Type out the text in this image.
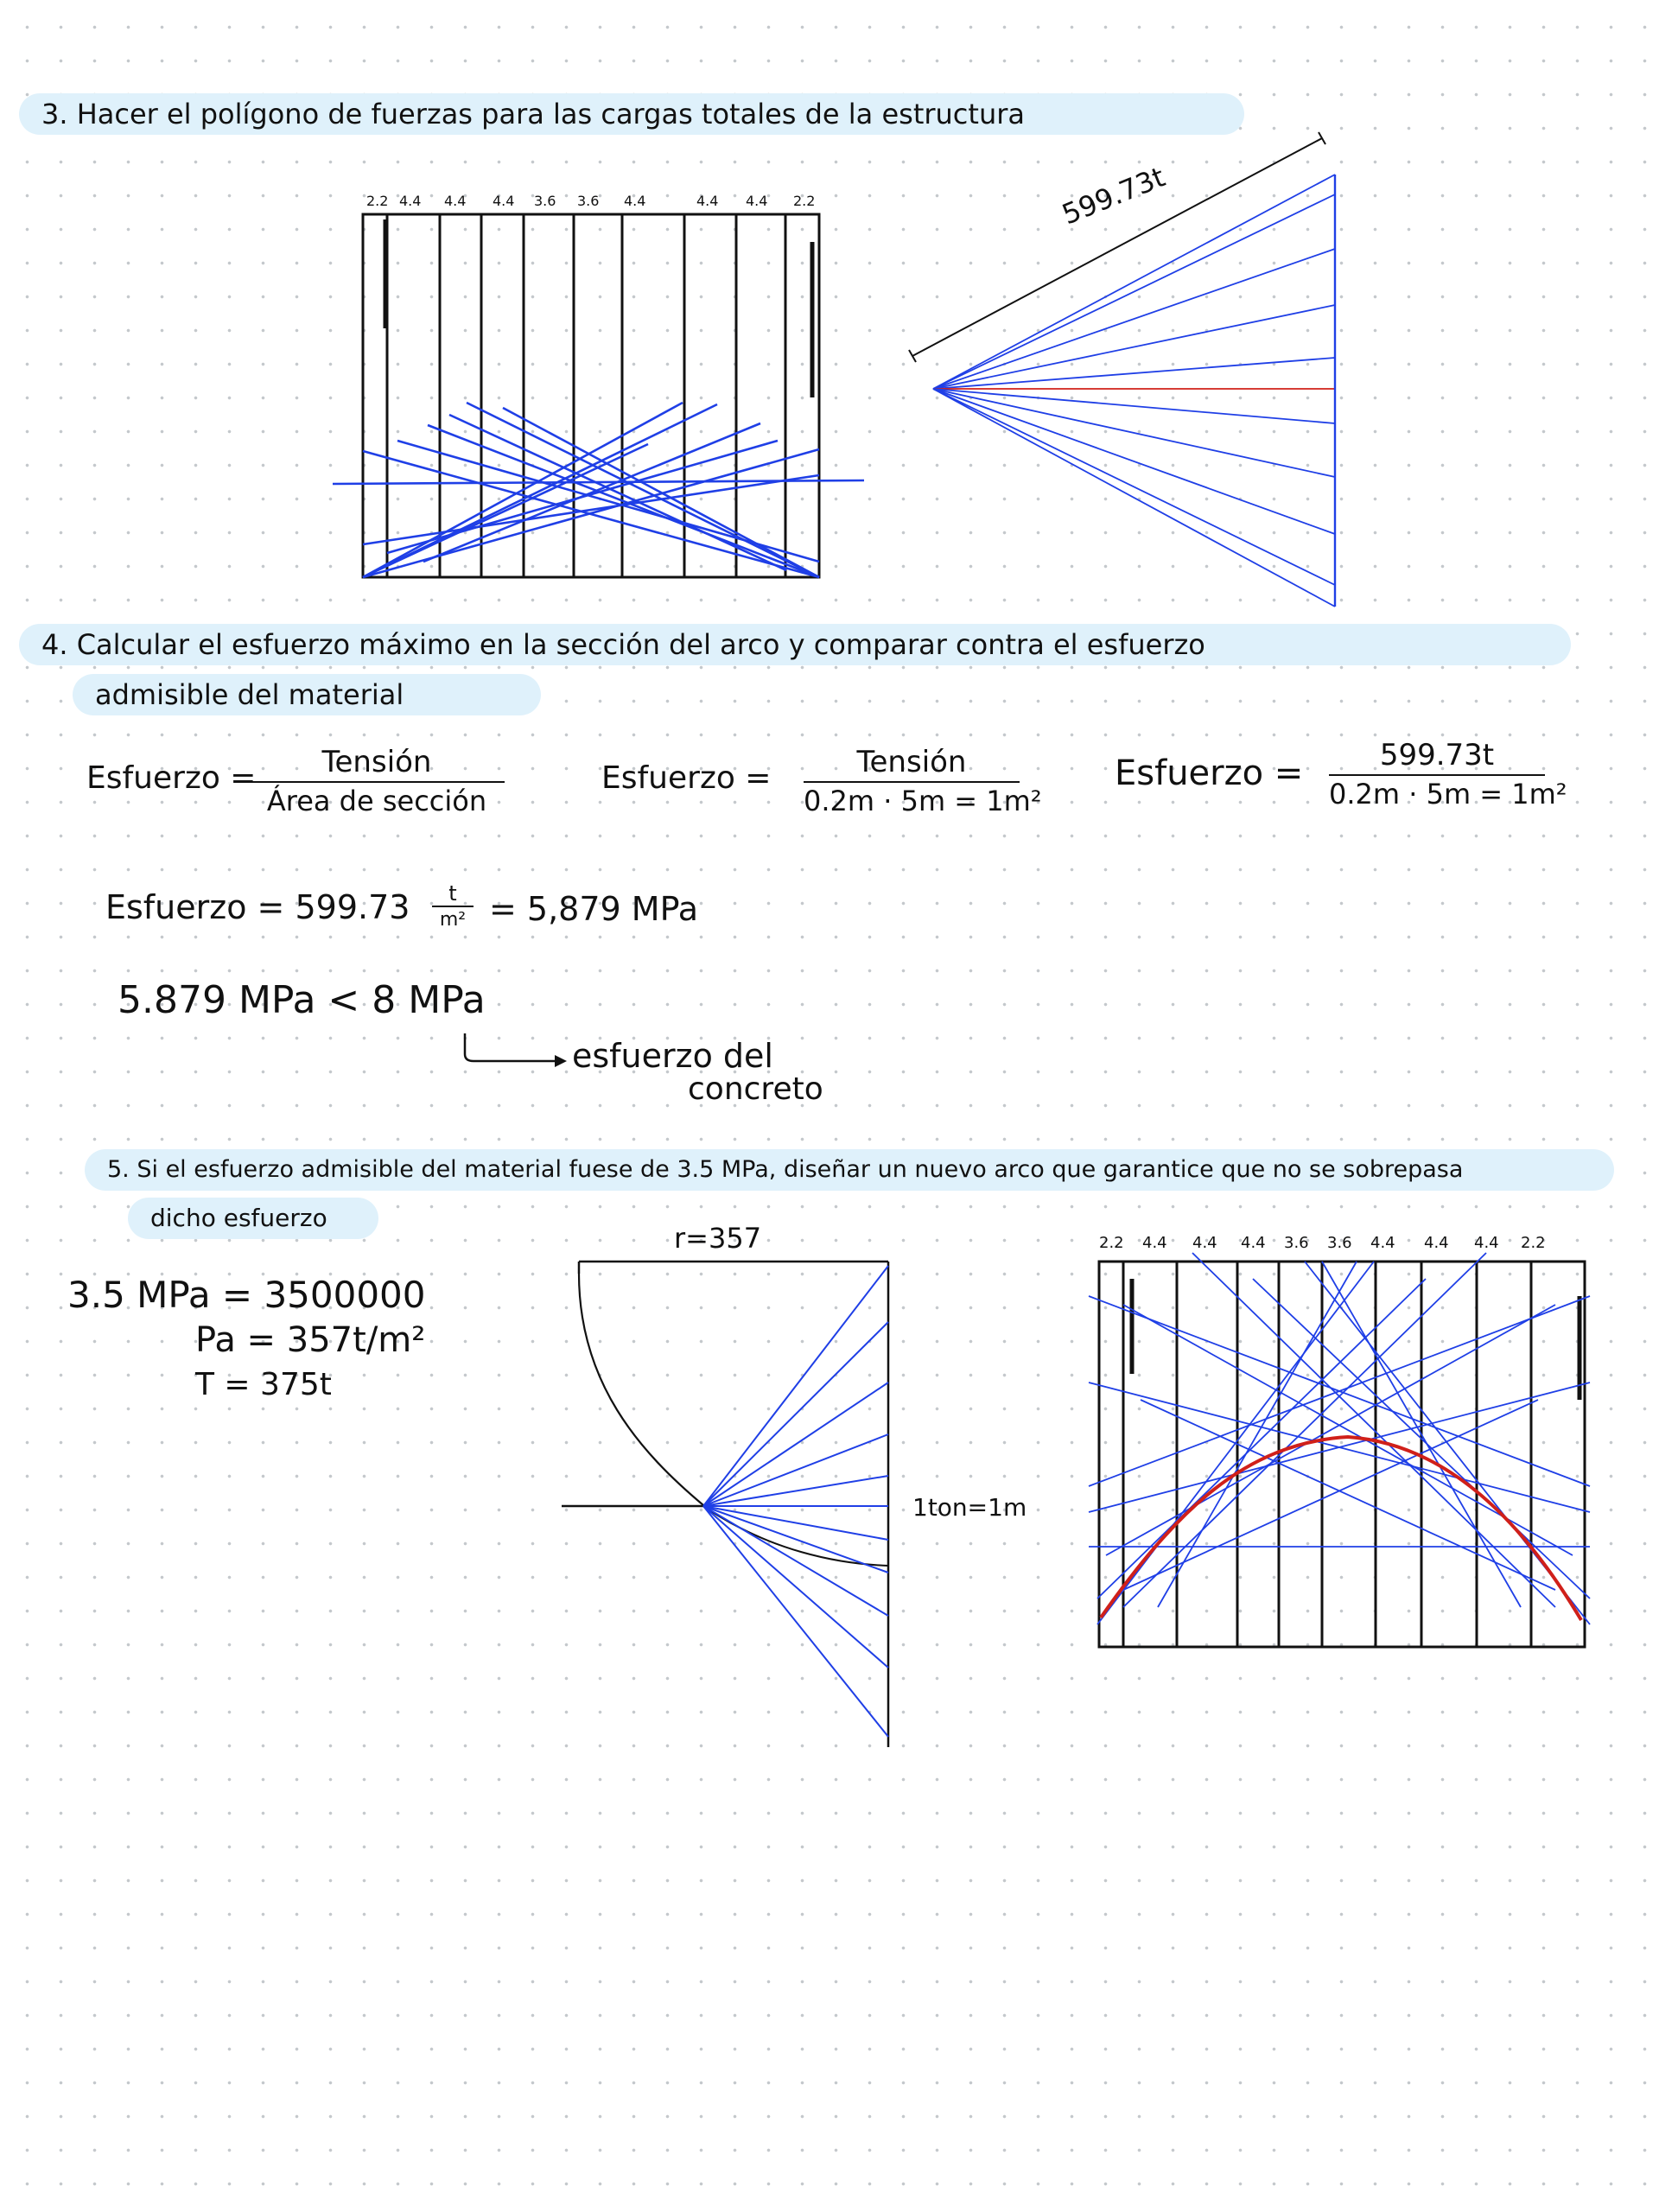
3. Hacer el polígono de fuerzas para las cargas totales de la estructura
2.2 4.4 4.4 4.4 3.6 3.6 4.4	4.4 4.4 2.2	599.73t
4. Calcular el esfuerzo máximo en la sección del arco y comparar contra el esfuerzo
admisible del material
Esfuerzo =	Tensión
Área de sección
Esfuerzo =	Tensión
0.2m · 5m = 1m²
Esfuerzo = $\frac{599.73t}{\text{0.2m · 5m = 1m²}}$
Esfuerzo = $599.73 \frac{t}{\text{m²}} = 5,879$ MPa
5.879 MPa < 8 MPa
esfuerzo del
concreto
5. Si el esfuerzo admisible del material fuese de 3.5 MPa, diseñar un nuevo arco que garantice que no se sobrepasa
dicho esfuerzo
3.5 MPa = 3500000
Pa = 357t/m²
T = 375t
r=357
1ton=1m
2.2 4.4 4.4 4.4 3.6 3.6 4.4 4.4 4.4 2.2
